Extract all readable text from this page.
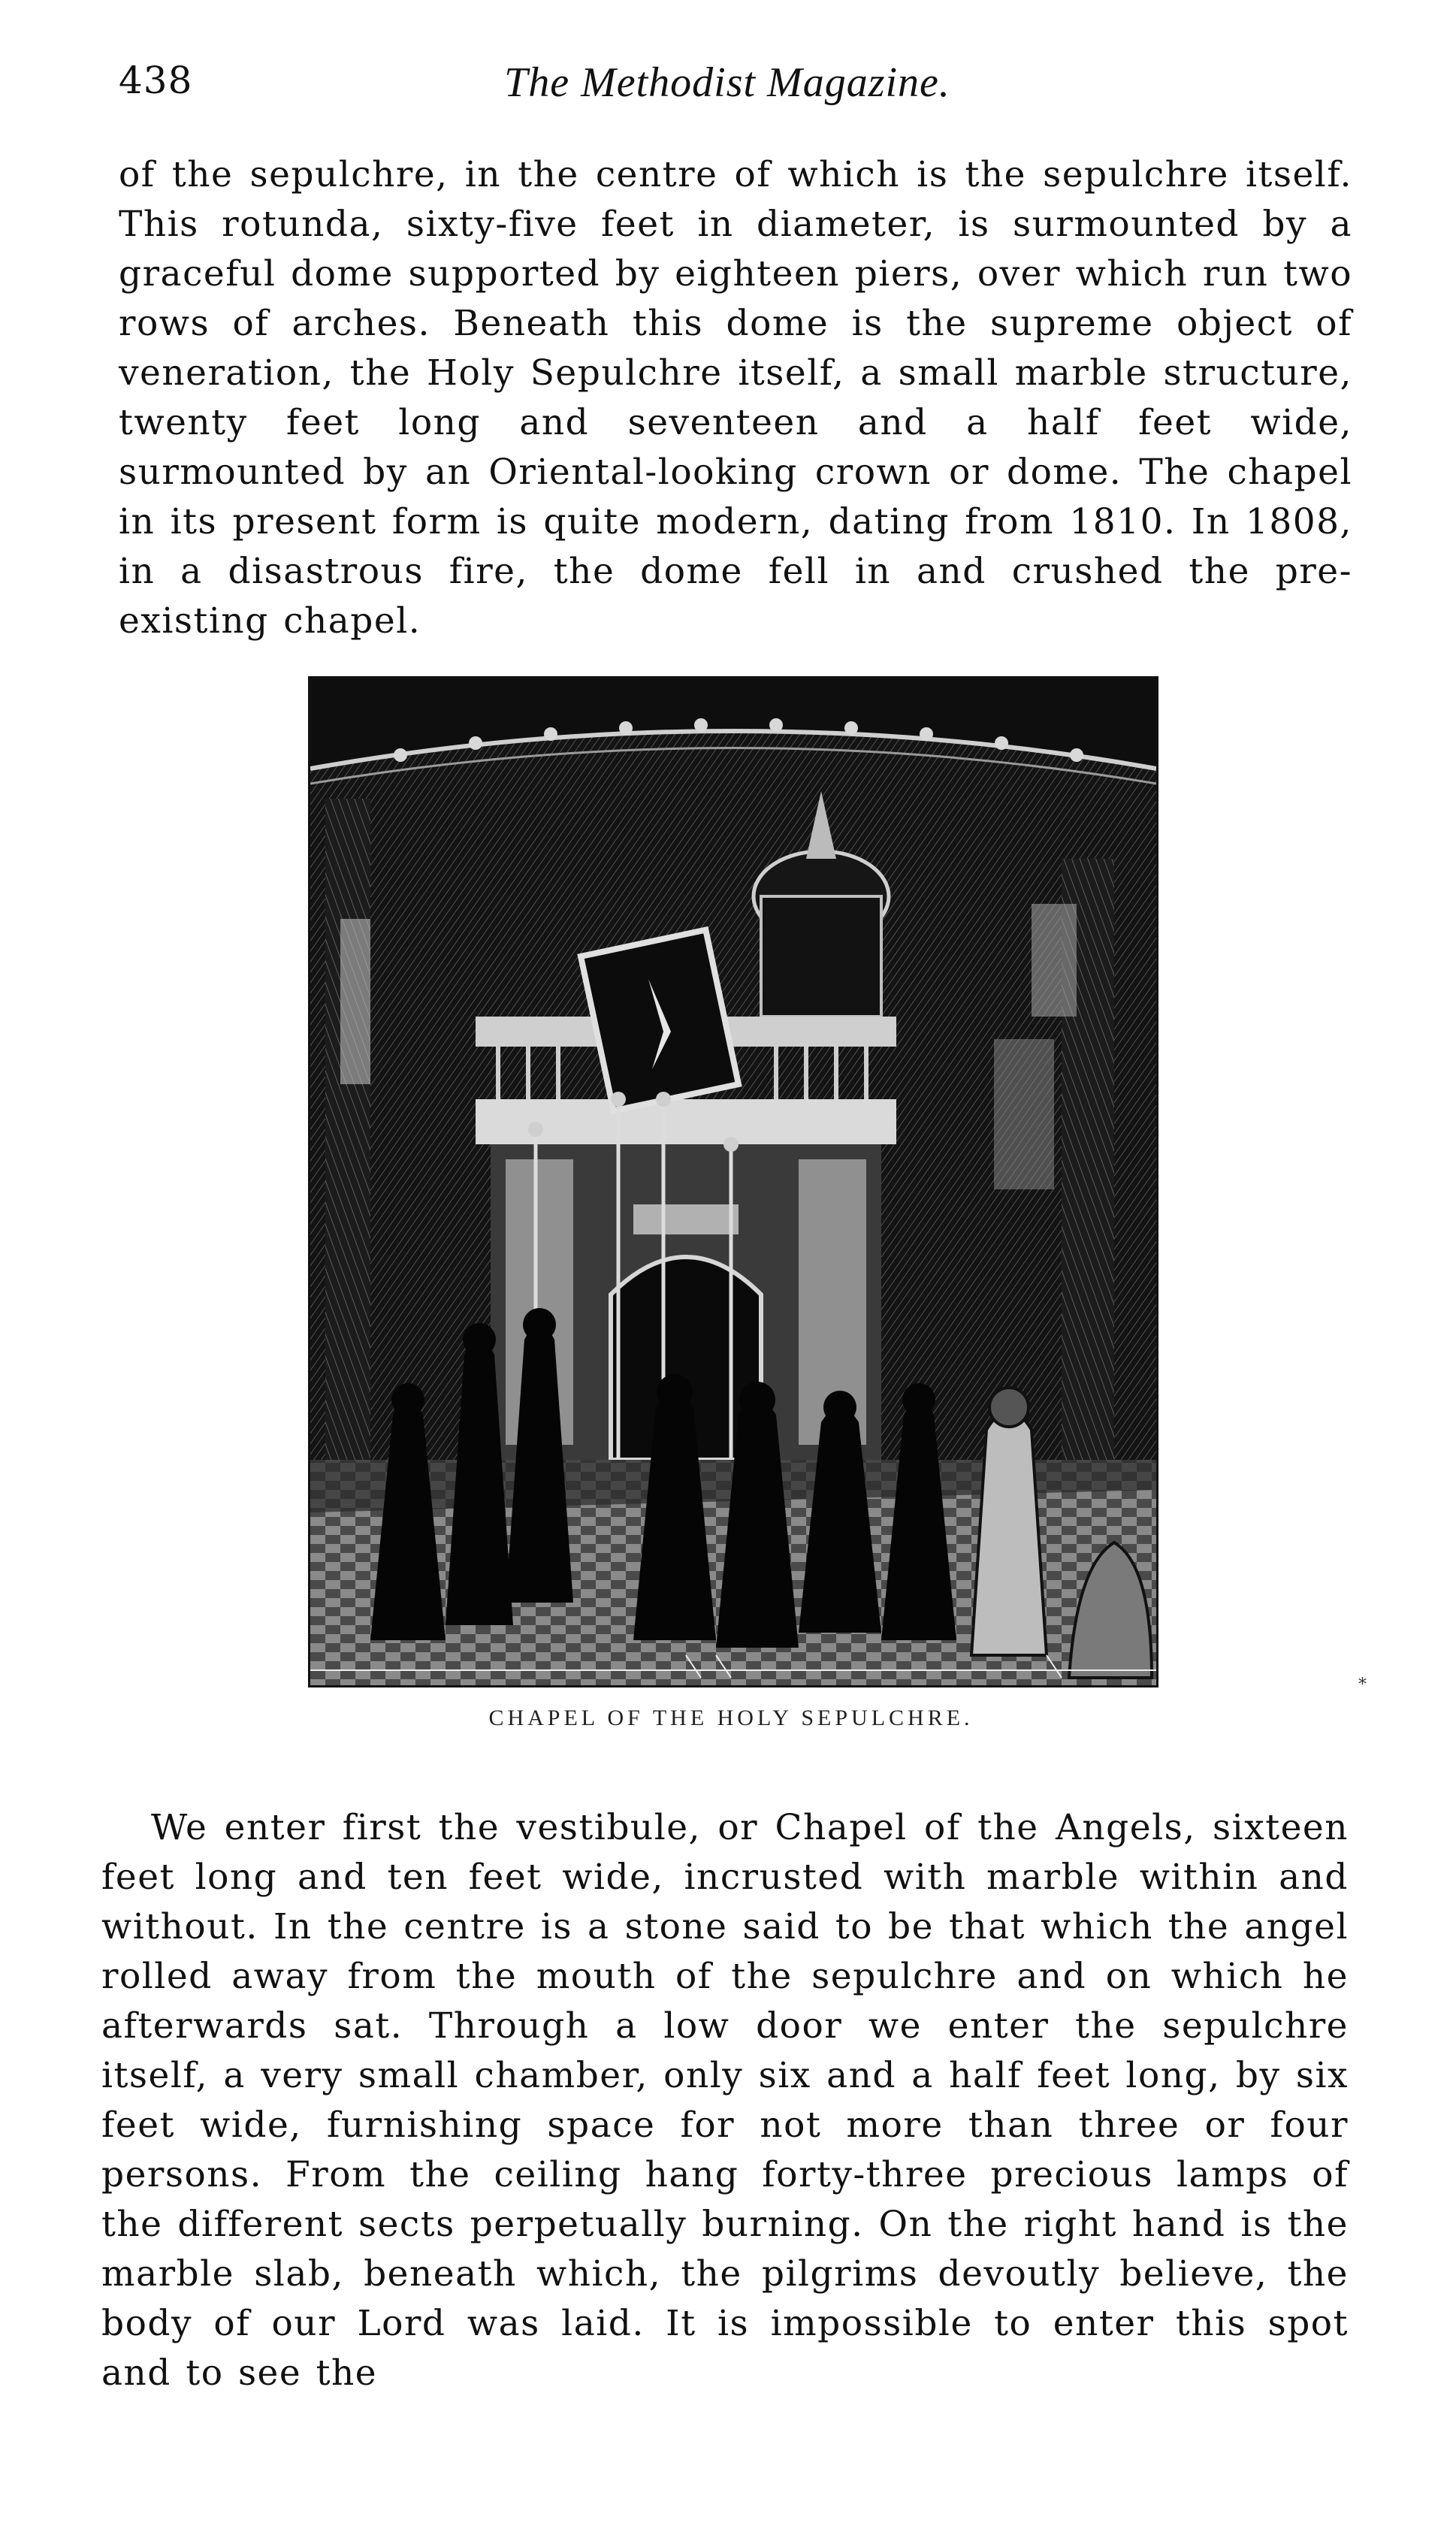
438	The Methodist Magazine.

of the sepulchre, in the centre of which is the sepulchre itself. This rotunda, sixty-five feet in diameter, is surmounted by a graceful dome supported by eighteen piers, over which run two rows of arches. Beneath this dome is the supreme object of veneration, the Holy Sepulchre itself, a small marble structure, twenty feet long and seventeen and a half feet wide, surmounted by an Oriental-looking crown or dome. The chapel in its present form is quite modern, dating from 1810. In 1808, in a disastrous fire, the dome fell in and crushed the pre-existing chapel.

CHAPEL OF THE HOLY SEPULCHRE.
*

We enter first the vestibule, or Chapel of the Angels, sixteen feet long and ten feet wide, incrusted with marble within and without. In the centre is a stone said to be that which the angel rolled away from the mouth of the sepulchre and on which he afterwards sat. Through a low door we enter the sepulchre itself, a very small chamber, only six and a half feet long, by six feet wide, furnishing space for not more than three or four persons. From the ceiling hang forty-three precious lamps of the different sects perpetually burning. On the right hand is the marble slab, beneath which, the pilgrims devoutly believe, the body of our Lord was laid. It is impossible to enter this spot and to see the
